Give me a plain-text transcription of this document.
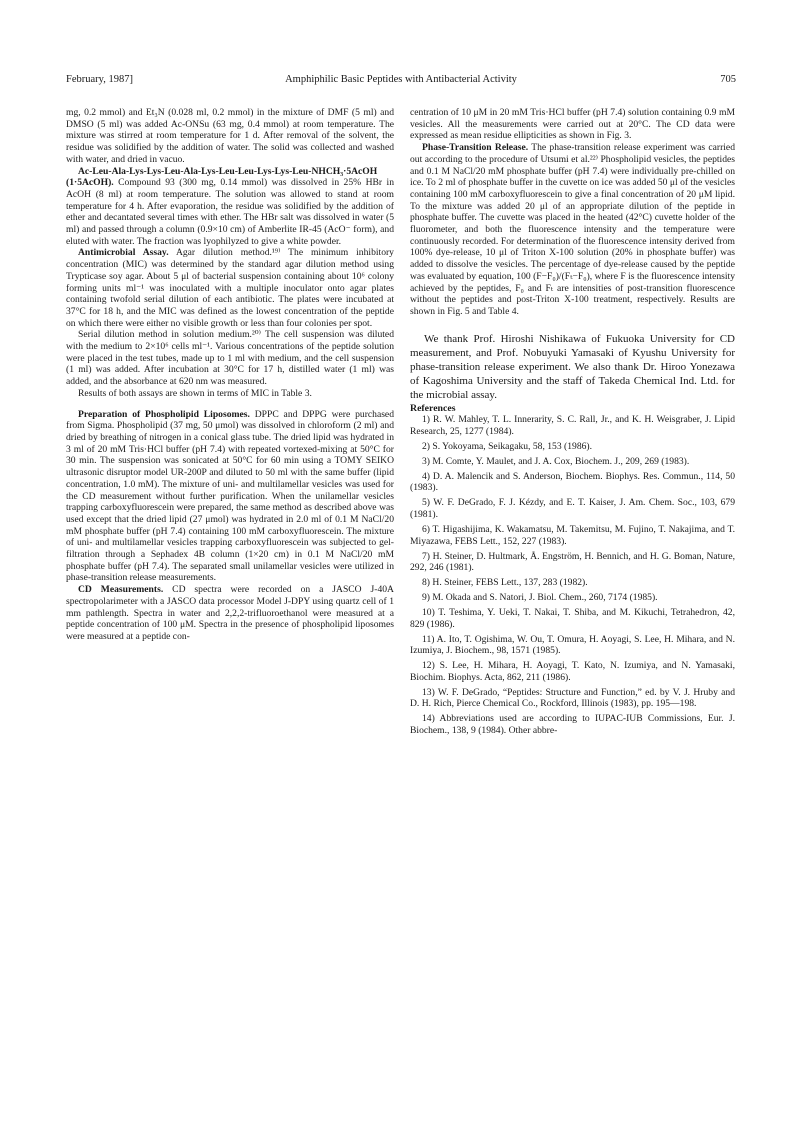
February, 1987]	Amphiphilic Basic Peptides with Antibacterial Activity	705

mg, 0.2 mmol) and Et₃N (0.028 ml, 0.2 mmol) in the mixture of DMF (5 ml) and DMSO (5 ml) was added Ac-ONSu (63 mg, 0.4 mmol) at room temperature. The mixture was stirred at room temperature for 1 d. After removal of the solvent, the residue was solidified by the addition of water. The solid was collected and washed with water, and dried in vacuo.

Ac-Leu-Ala-Lys-Lys-Leu-Ala-Lys-Leu-Leu-Lys-Lys-Leu-NHCH₃·5AcOH (1·5AcOH). Compound 93 (300 mg, 0.14 mmol) was dissolved in 25% HBr in AcOH (8 ml) at room temperature. The solution was allowed to stand at room temperature for 4 h. After evaporation, the residue was solidified by the addition of ether and decantated several times with ether. The HBr salt was dissolved in water (5 ml) and passed through a column (0.9×10 cm) of Amberlite IR-45 (AcO⁻ form), and eluted with water. The fraction was lyophilyzed to give a white powder.

Antimicrobial Assay. Agar dilution method.¹⁹⁾ The minimum inhibitory concentration (MIC) was determined by the standard agar dilution method using Trypticase soy agar. About 5 μl of bacterial suspension containing about 10⁶ colony forming units ml⁻¹ was inoculated with a multiple inoculator onto agar plates containing twofold serial dilution of each antibiotic. The plates were incubated at 37°C for 18 h, and the MIC was defined as the lowest concentration of the peptide on which there were either no visible growth or less than four colonies per spot.

Serial dilution method in solution medium.²⁰⁾ The cell suspension was diluted with the medium to 2×10⁶ cells ml⁻¹. Various concentrations of the peptide solution were placed in the test tubes, made up to 1 ml with medium, and the cell suspension (1 ml) was added. After incubation at 30°C for 17 h, distilled water (1 ml) was added, and the absorbance at 620 nm was measured.

Results of both assays are shown in terms of MIC in Table 3.

Preparation of Phospholipid Liposomes. DPPC and DPPG were purchased from Sigma. Phospholipid (37 mg, 50 μmol) was dissolved in chloroform (2 ml) and dried by breathing of nitrogen in a conical glass tube. The dried lipid was hydrated in 3 ml of 20 mM Tris·HCl buffer (pH 7.4) with repeated vortexed-mixing at 50°C for 30 min. The suspension was sonicated at 50°C for 60 min using a TOMY SEIKO ultrasonic disruptor model UR-200P and diluted to 50 ml with the same buffer (lipid concentration, 1.0 mM). The mixture of uni- and multilamellar vesicles was used for the CD measurement without further purification. When the unilamellar vesicles trapping carboxyfluorescein were prepared, the same method as described above was used except that the dried lipid (27 μmol) was hydrated in 2.0 ml of 0.1 M NaCl/20 mM phosphate buffer (pH 7.4) containing 100 mM carboxyfluorescein. The mixture of uni- and multilamellar vesicles trapping carboxyfluorescein was subjected to gel-filtration through a Sephadex 4B column (1×20 cm) in 0.1 M NaCl/20 mM phosphate buffer (pH 7.4). The separated small unilamellar vesicles were utilized in phase-transition release measurements.

CD Measurements. CD spectra were recorded on a JASCO J-40A spectropolarimeter with a JASCO data processor Model J-DPY using quartz cell of 1 mm pathlength. Spectra in water and 2,2,2-trifluoroethanol were measured at a peptide concentration of 100 μM. Spectra in the presence of phospholipid liposomes were measured at a peptide con-

centration of 10 μM in 20 mM Tris·HCl buffer (pH 7.4) solution containing 0.9 mM vesicles. All the measurements were carried out at 20°C. The CD data were expressed as mean residue ellipticities as shown in Fig. 3.

Phase-Transition Release. The phase-transition release experiment was carried out according to the procedure of Utsumi et al.²²⁾ Phospholipid vesicles, the peptides and 0.1 M NaCl/20 mM phosphate buffer (pH 7.4) were individually pre-chilled on ice. To 2 ml of phosphate buffer in the cuvette on ice was added 50 μl of the vesicles containing 100 mM carboxyfluorescein to give a final concentration of 20 μM lipid. To the mixture was added 20 μl of an appropriate dilution of the peptide in phosphate buffer. The cuvette was placed in the heated (42°C) cuvette holder of the fluorometer, and both the fluorescence intensity and the temperature were continuously recorded. For determination of the fluorescence intensity derived from 100% dye-release, 10 μl of Triton X-100 solution (20% in phosphate buffer) was added to dissolve the vesicles. The percentage of dye-release caused by the peptide was evaluated by equation, 100 (F−F₀)/(Fₜ−F₀), where F is the fluorescence intensity achieved by the peptides, F₀ and Fₜ are intensities of post-transition fluorescence without the peptides and post-Triton X-100 treatment, respectively. Results are shown in Fig. 5 and Table 4.

We thank Prof. Hiroshi Nishikawa of Fukuoka University for CD measurement, and Prof. Nobuyuki Yamasaki of Kyushu University for phase-transition release experiment. We also thank Dr. Hiroo Yonezawa of Kagoshima University and the staff of Takeda Chemical Ind. Ltd. for the microbial assay.

References

1) R. W. Mahley, T. L. Innerarity, S. C. Rall, Jr., and K. H. Weisgraber, J. Lipid Research, 25, 1277 (1984).

2) S. Yokoyama, Seikagaku, 58, 153 (1986).

3) M. Comte, Y. Maulet, and J. A. Cox, Biochem. J., 209, 269 (1983).

4) D. A. Malencik and S. Anderson, Biochem. Biophys. Res. Commun., 114, 50 (1983).

5) W. F. DeGrado, F. J. Kézdy, and E. T. Kaiser, J. Am. Chem. Soc., 103, 679 (1981).

6) T. Higashijima, K. Wakamatsu, M. Takemitsu, M. Fujino, T. Nakajima, and T. Miyazawa, FEBS Lett., 152, 227 (1983).

7) H. Steiner, D. Hultmark, Å. Engström, H. Bennich, and H. G. Boman, Nature, 292, 246 (1981).

8) H. Steiner, FEBS Lett., 137, 283 (1982).

9) M. Okada and S. Natori, J. Biol. Chem., 260, 7174 (1985).

10) T. Teshima, Y. Ueki, T. Nakai, T. Shiba, and M. Kikuchi, Tetrahedron, 42, 829 (1986).

11) A. Ito, T. Ogishima, W. Ou, T. Omura, H. Aoyagi, S. Lee, H. Mihara, and N. Izumiya, J. Biochem., 98, 1571 (1985).

12) S. Lee, H. Mihara, H. Aoyagi, T. Kato, N. Izumiya, and N. Yamasaki, Biochim. Biophys. Acta, 862, 211 (1986).

13) W. F. DeGrado, “Peptides: Structure and Function,” ed. by V. J. Hruby and D. H. Rich, Pierce Chemical Co., Rockford, Illinois (1983), pp. 195—198.

14) Abbreviations used are according to IUPAC-IUB Commissions, Eur. J. Biochem., 138, 9 (1984). Other abbre-
